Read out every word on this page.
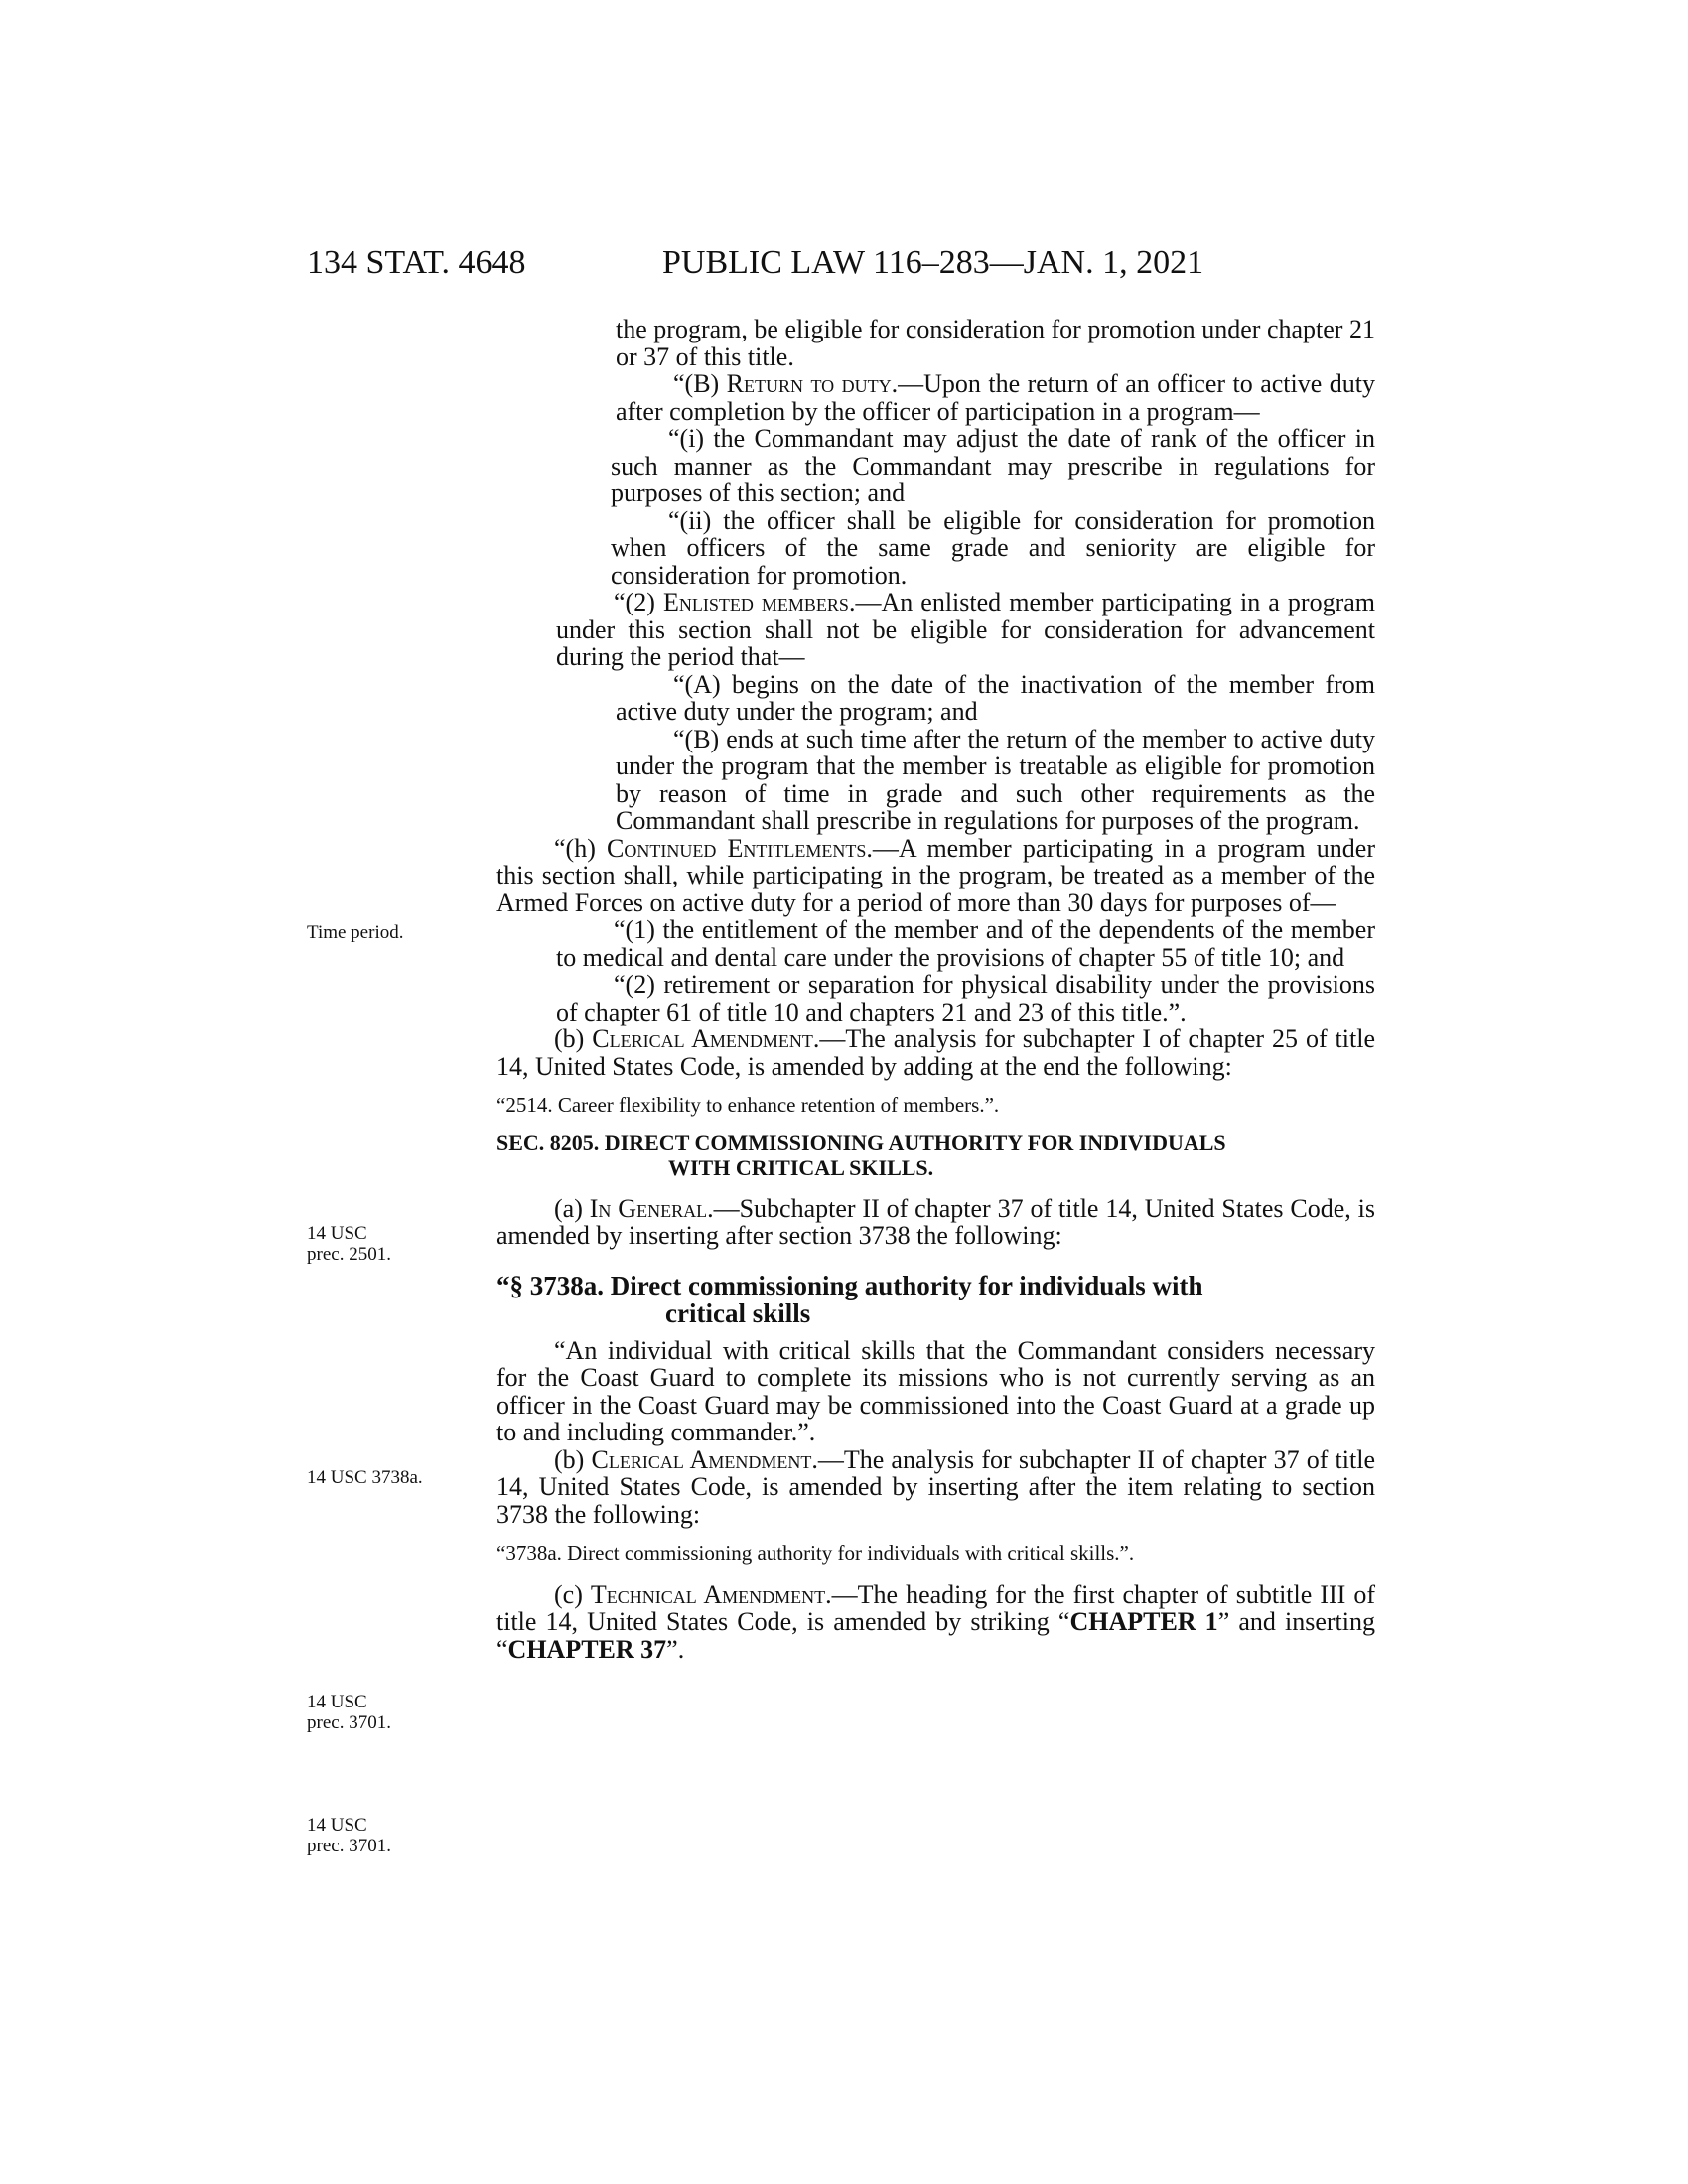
134 STAT. 4648	PUBLIC LAW 116–283—JAN. 1, 2021
Time period.
14 USC
prec. 2501.
14 USC 3738a.
14 USC
prec. 3701.
14 USC
prec. 3701.

the program, be eligible for consideration for promotion under chapter 21 or 37 of this title.

“(B) Return to duty.—Upon the return of an officer to active duty after completion by the officer of participation in a program—

“(i) the Commandant may adjust the date of rank of the officer in such manner as the Commandant may prescribe in regulations for purposes of this section; and

“(ii) the officer shall be eligible for consideration for promotion when officers of the same grade and seniority are eligible for consideration for promotion.

“(2) Enlisted members.—An enlisted member participating in a program under this section shall not be eligible for consideration for advancement during the period that—

“(A) begins on the date of the inactivation of the member from active duty under the program; and

“(B) ends at such time after the return of the member to active duty under the program that the member is treatable as eligible for promotion by reason of time in grade and such other requirements as the Commandant shall prescribe in regulations for purposes of the program.

“(h) Continued Entitlements.—A member participating in a program under this section shall, while participating in the program, be treated as a member of the Armed Forces on active duty for a period of more than 30 days for purposes of—

“(1) the entitlement of the member and of the dependents of the member to medical and dental care under the provisions of chapter 55 of title 10; and

“(2) retirement or separation for physical disability under the provisions of chapter 61 of title 10 and chapters 21 and 23 of this title.”.

(b) Clerical Amendment.—The analysis for subchapter I of chapter 25 of title 14, United States Code, is amended by adding at the end the following:

“2514. Career flexibility to enhance retention of members.”.

SEC. 8205. DIRECT COMMISSIONING AUTHORITY FOR INDIVIDUALS
WITH CRITICAL SKILLS.

(a) In General.—Subchapter II of chapter 37 of title 14, United States Code, is amended by inserting after section 3738 the following:

“§ 3738a. Direct commissioning authority for individuals with
critical skills

“An individual with critical skills that the Commandant considers necessary for the Coast Guard to complete its missions who is not currently serving as an officer in the Coast Guard may be commissioned into the Coast Guard at a grade up to and including commander.”.

(b) Clerical Amendment.—The analysis for subchapter II of chapter 37 of title 14, United States Code, is amended by inserting after the item relating to section 3738 the following:

“3738a. Direct commissioning authority for individuals with critical skills.”.

(c) Technical Amendment.—The heading for the first chapter of subtitle III of title 14, United States Code, is amended by striking “CHAPTER 1” and inserting “CHAPTER 37”.
